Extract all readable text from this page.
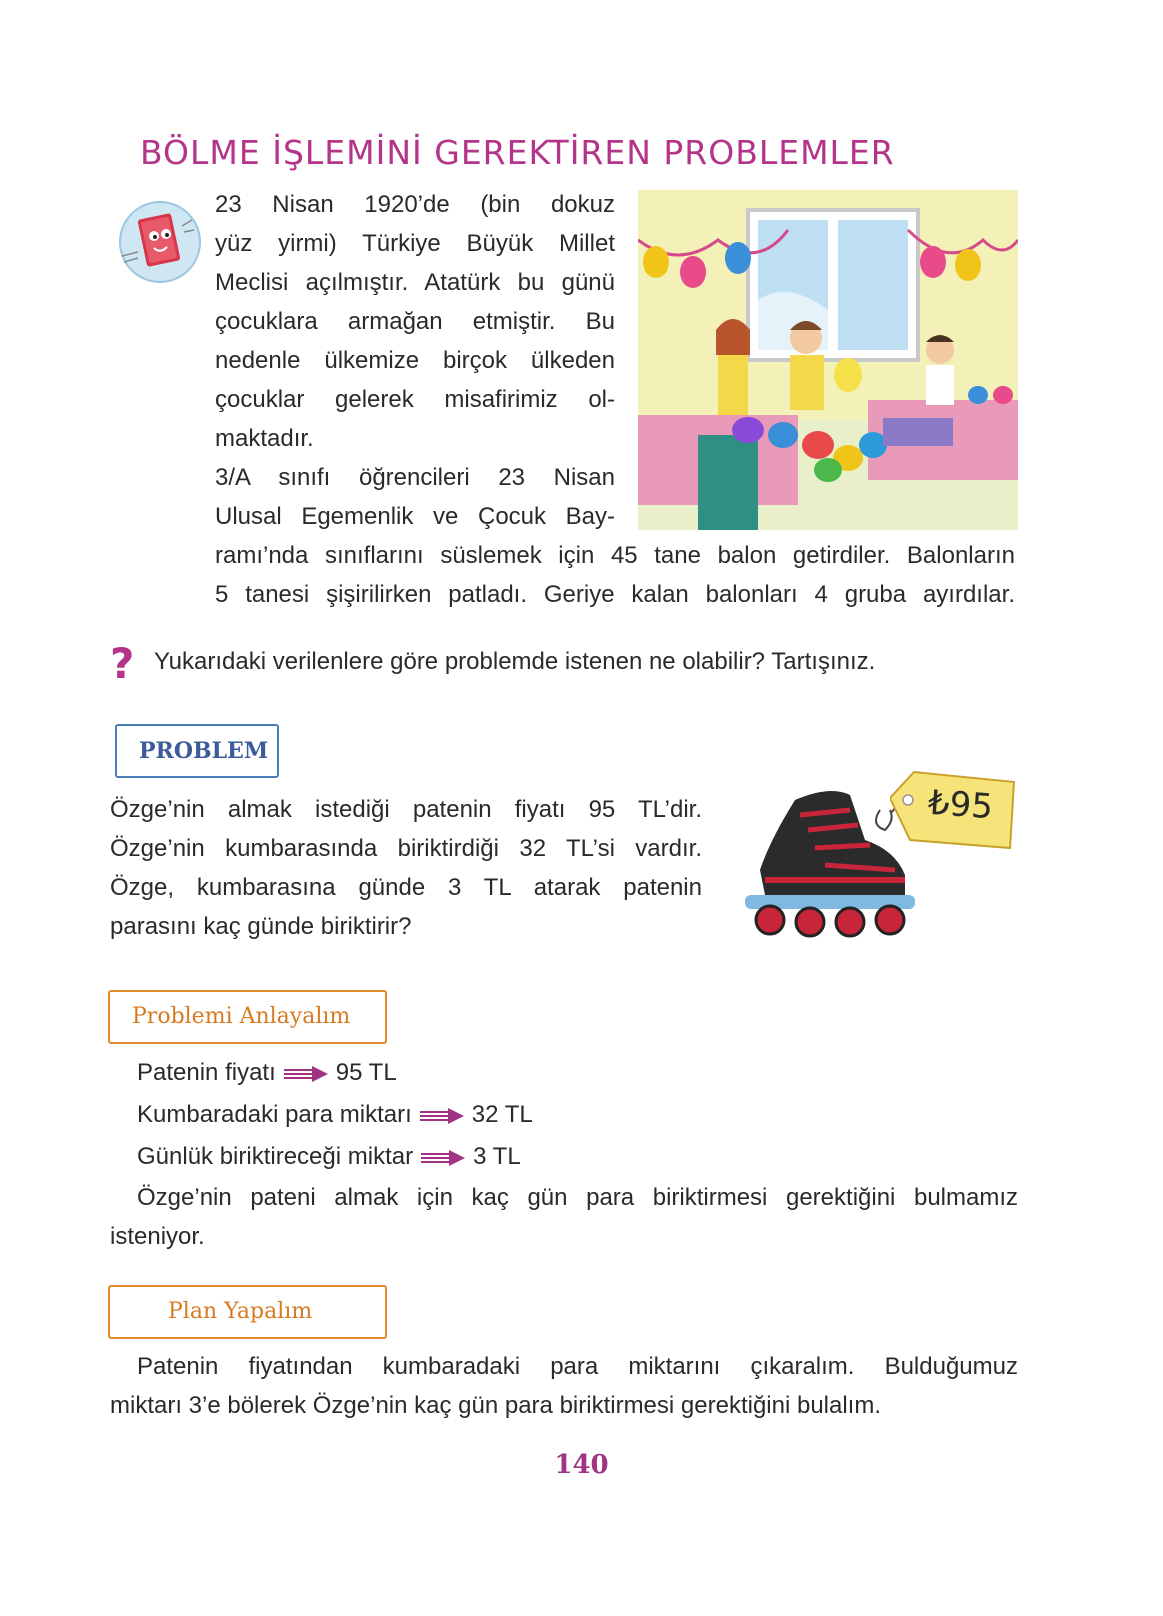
BÖLME İŞLEMİNİ GEREKTİREN PROBLEMLER
23 Nisan 1920’de (bin dokuz
yüz yirmi) Türkiye Büyük Millet
Meclisi açılmıştır. Atatürk bu günü
çocuklara armağan etmiştir. Bu
nedenle ülkemize birçok ülkeden
çocuklar gelerek misafirimiz ol-
maktadır.
3/A sınıfı öğrencileri 23 Nisan
Ulusal Egemenlik ve Çocuk Bay-
ramı’nda sınıflarını süslemek için 45 tane balon getirdiler. Balonların
5 tanesi şişirilirken patladı. Geriye kalan balonları 4 gruba ayırdılar.
? Yukarıdaki verilenlere göre problemde istenen ne olabilir? Tartışınız.
PROBLEM
Özge’nin almak istediği patenin fiyatı 95 TL’dir.
Özge’nin kumbarasında biriktirdiği 32 TL’si vardır.
Özge, kumbarasına günde 3 TL atarak patenin
parasını kaç günde biriktirir?
₺95
Problemi Anlayalım
Patenin fiyatı	95 TL
Kumbaradaki para miktarı	32 TL
Günlük biriktireceği miktar	3 TL
Özge’nin pateni almak için kaç gün para biriktirmesi gerektiğini bulmamız
isteniyor.
Plan Yapalım
Patenin fiyatından kumbaradaki para miktarını çıkaralım. Bulduğumuz
miktarı 3’e bölerek Özge’nin kaç gün para biriktirmesi gerektiğini bulalım.
140
